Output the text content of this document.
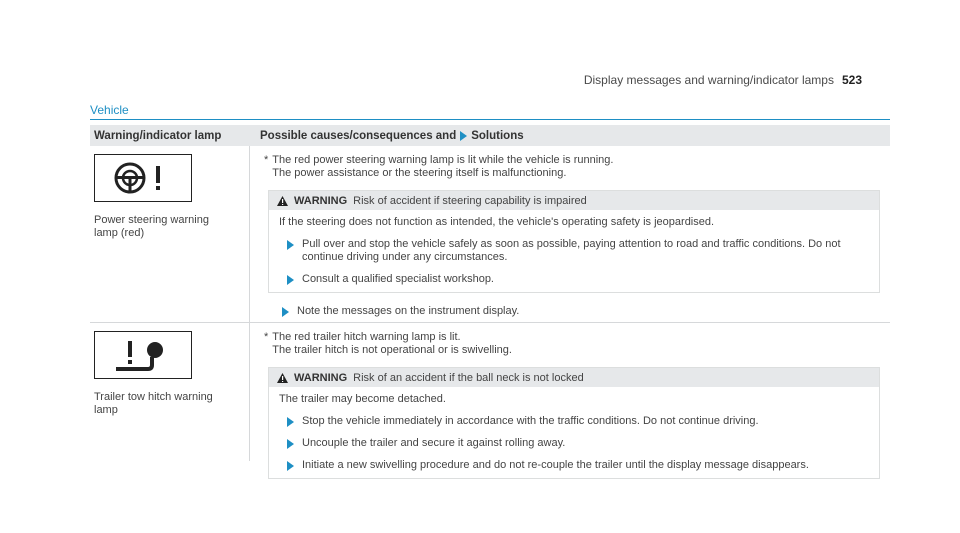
Display messages and warning/indicator lamps 523
Vehicle
Warning/indicator lamp	Possible causes/consequences and Solutions
Power steering warning
lamp (red)
* The red power steering warning lamp is lit while the vehicle is running.
The power assistance or the steering itself is malfunctioning.
WARNING Risk of accident if steering capability is impaired
If the steering does not function as intended, the vehicle's operating safety is jeopardised.
Pull over and stop the vehicle safely as soon as possible, paying attention to road and traffic conditions. Do not
continue driving under any circumstances.
Consult a qualified specialist workshop.
Note the messages on the instrument display.
Trailer tow hitch warning
lamp
* The red trailer hitch warning lamp is lit.
The trailer hitch is not operational or is swivelling.
WARNING Risk of an accident if the ball neck is not locked
The trailer may become detached.
Stop the vehicle immediately in accordance with the traffic conditions. Do not continue driving.
Uncouple the trailer and secure it against rolling away.
Initiate a new swivelling procedure and do not re-couple the trailer until the display message disappears.
